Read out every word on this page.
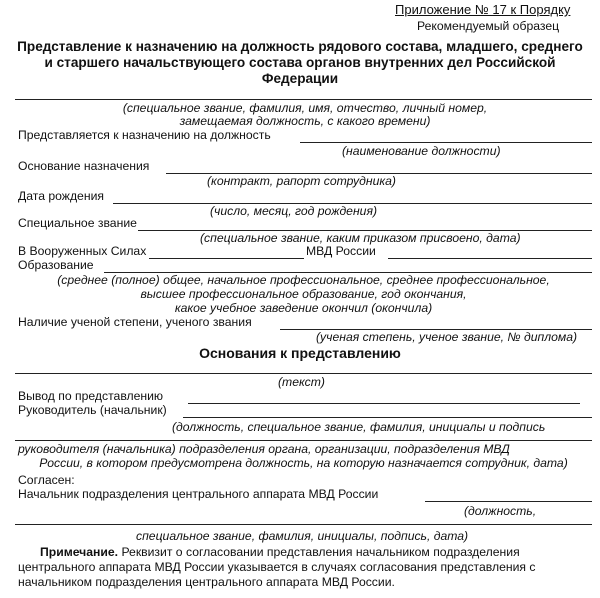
Приложение № 17 к Порядку
Рекомендуемый образец
Представление к назначению на должность рядового состава, младшего, среднего и старшего начальствующего состава органов внутренних дел Российской Федерации
(специальное звание, фамилия, имя, отчество, личный номер,
замещаемая должность, с какого времени)
Представляется к назначению на должность
(наименование должности)
Основание назначения
(контракт, рапорт сотрудника)
Дата рождения
(число, месяц, год рождения)
Специальное звание
(специальное звание, каким приказом присвоено, дата)
В Вооруженных Силах	МВД России
Образование
(среднее (полное) общее, начальное профессиональное, среднее профессиональное,
высшее профессиональное образование, год окончания,
какое учебное заведение окончил (окончила)
Наличие ученой степени, ученого звания
(ученая степень, ученое звание, № диплома)
Основания к представлению
(текст)
Вывод по представлению
Руководитель (начальник)
(должность, специальное звание, фамилия, инициалы и подпись
руководителя (начальника) подразделения органа, организации, подразделения МВД
России, в котором предусмотрена должность, на которую назначается сотрудник, дата)
Согласен:
Начальник подразделения центрального аппарата МВД России
(должность,
специальное звание, фамилия, инициалы, подпись, дата)
Примечание. Реквизит о согласовании представления начальником подразделения центрального аппарата МВД России указывается в случаях согласования представления с начальником подразделения центрального аппарата МВД России.
